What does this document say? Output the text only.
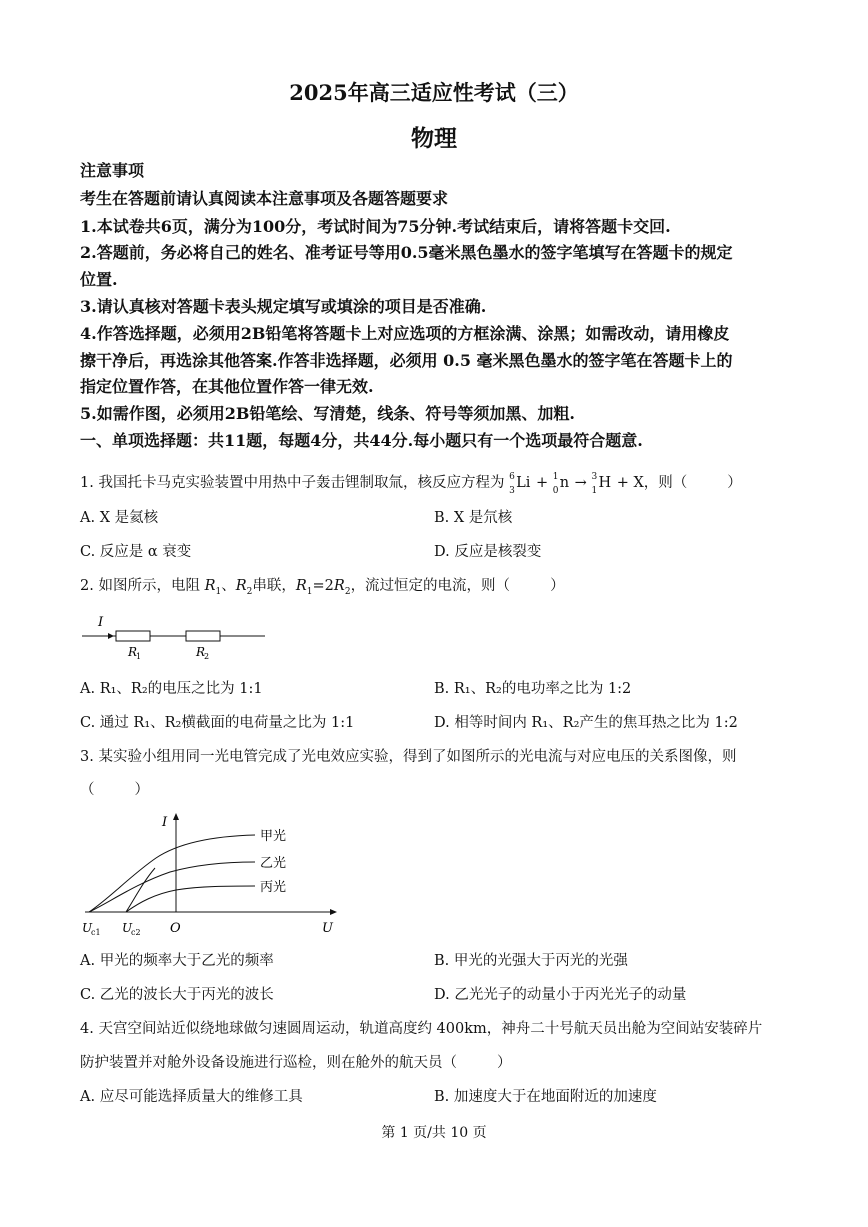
2025年高三适应性考试（三）
物理
注意事项
考生在答题前请认真阅读本注意事项及各题答题要求
1.本试卷共6页，满分为100分，考试时间为75分钟.考试结束后，请将答题卡交回.
2.答题前，务必将自己的姓名、准考证号等用0.5毫米黑色墨水的签字笔填写在答题卡的规定
位置.
3.请认真核对答题卡表头规定填写或填涂的项目是否准确.
4.作答选择题，必须用2B铅笔将答题卡上对应选项的方框涂满、涂黑；如需改动，请用橡皮
擦干净后，再选涂其他答案.作答非选择题，必须用 0.5 毫米黑色墨水的签字笔在答题卡上的
指定位置作答，在其他位置作答一律无效.
5.如需作图，必须用2B铅笔绘、写清楚，线条、符号等须加黑、加粗.
一、单项选择题：共11题，每题4分，共44分.每小题只有一个选项最符合题意.
1. 我国托卡马克实验装置中用热中子轰击锂制取氚，核反应方程为 6
3 Li + 1
0 n → 3
1 H + X，则（	）
A. X 是氦核	B. X 是氘核
C. 反应是 α 衰变	D. 反应是核裂变
2. 如图所示，电阻 $R_1$、$R_2$串联，$R_1=2R_2$，流过恒定的电流，则（	）
I
R
1	R
2
A. R₁、R₂的电压之比为 1:1	B. R₁、R₂的电功率之比为 1:2
C. 通过 R₁、R₂横截面的电荷量之比为 1:1	D. 相等时间内 R₁、R₂产生的焦耳热之比为 1:2
3. 某实验小组用同一光电管完成了光电效应实验，得到了如图所示的光电流与对应电压的关系图像，则
（	）
I
U
O
甲光
乙光
丙光
U
c1 U
c2
A. 甲光的频率大于乙光的频率	B. 甲光的光强大于丙光的光强
C. 乙光的波长大于丙光的波长	D. 乙光光子的动量小于丙光光子的动量
4. 天宫空间站近似绕地球做匀速圆周运动，轨道高度约 400km，神舟二十号航天员出舱为空间站安装碎片
防护装置并对舱外设备设施进行巡检，则在舱外的航天员（	）
A. 应尽可能选择质量大的维修工具	B. 加速度大于在地面附近的加速度
第 1 页/共 10 页
